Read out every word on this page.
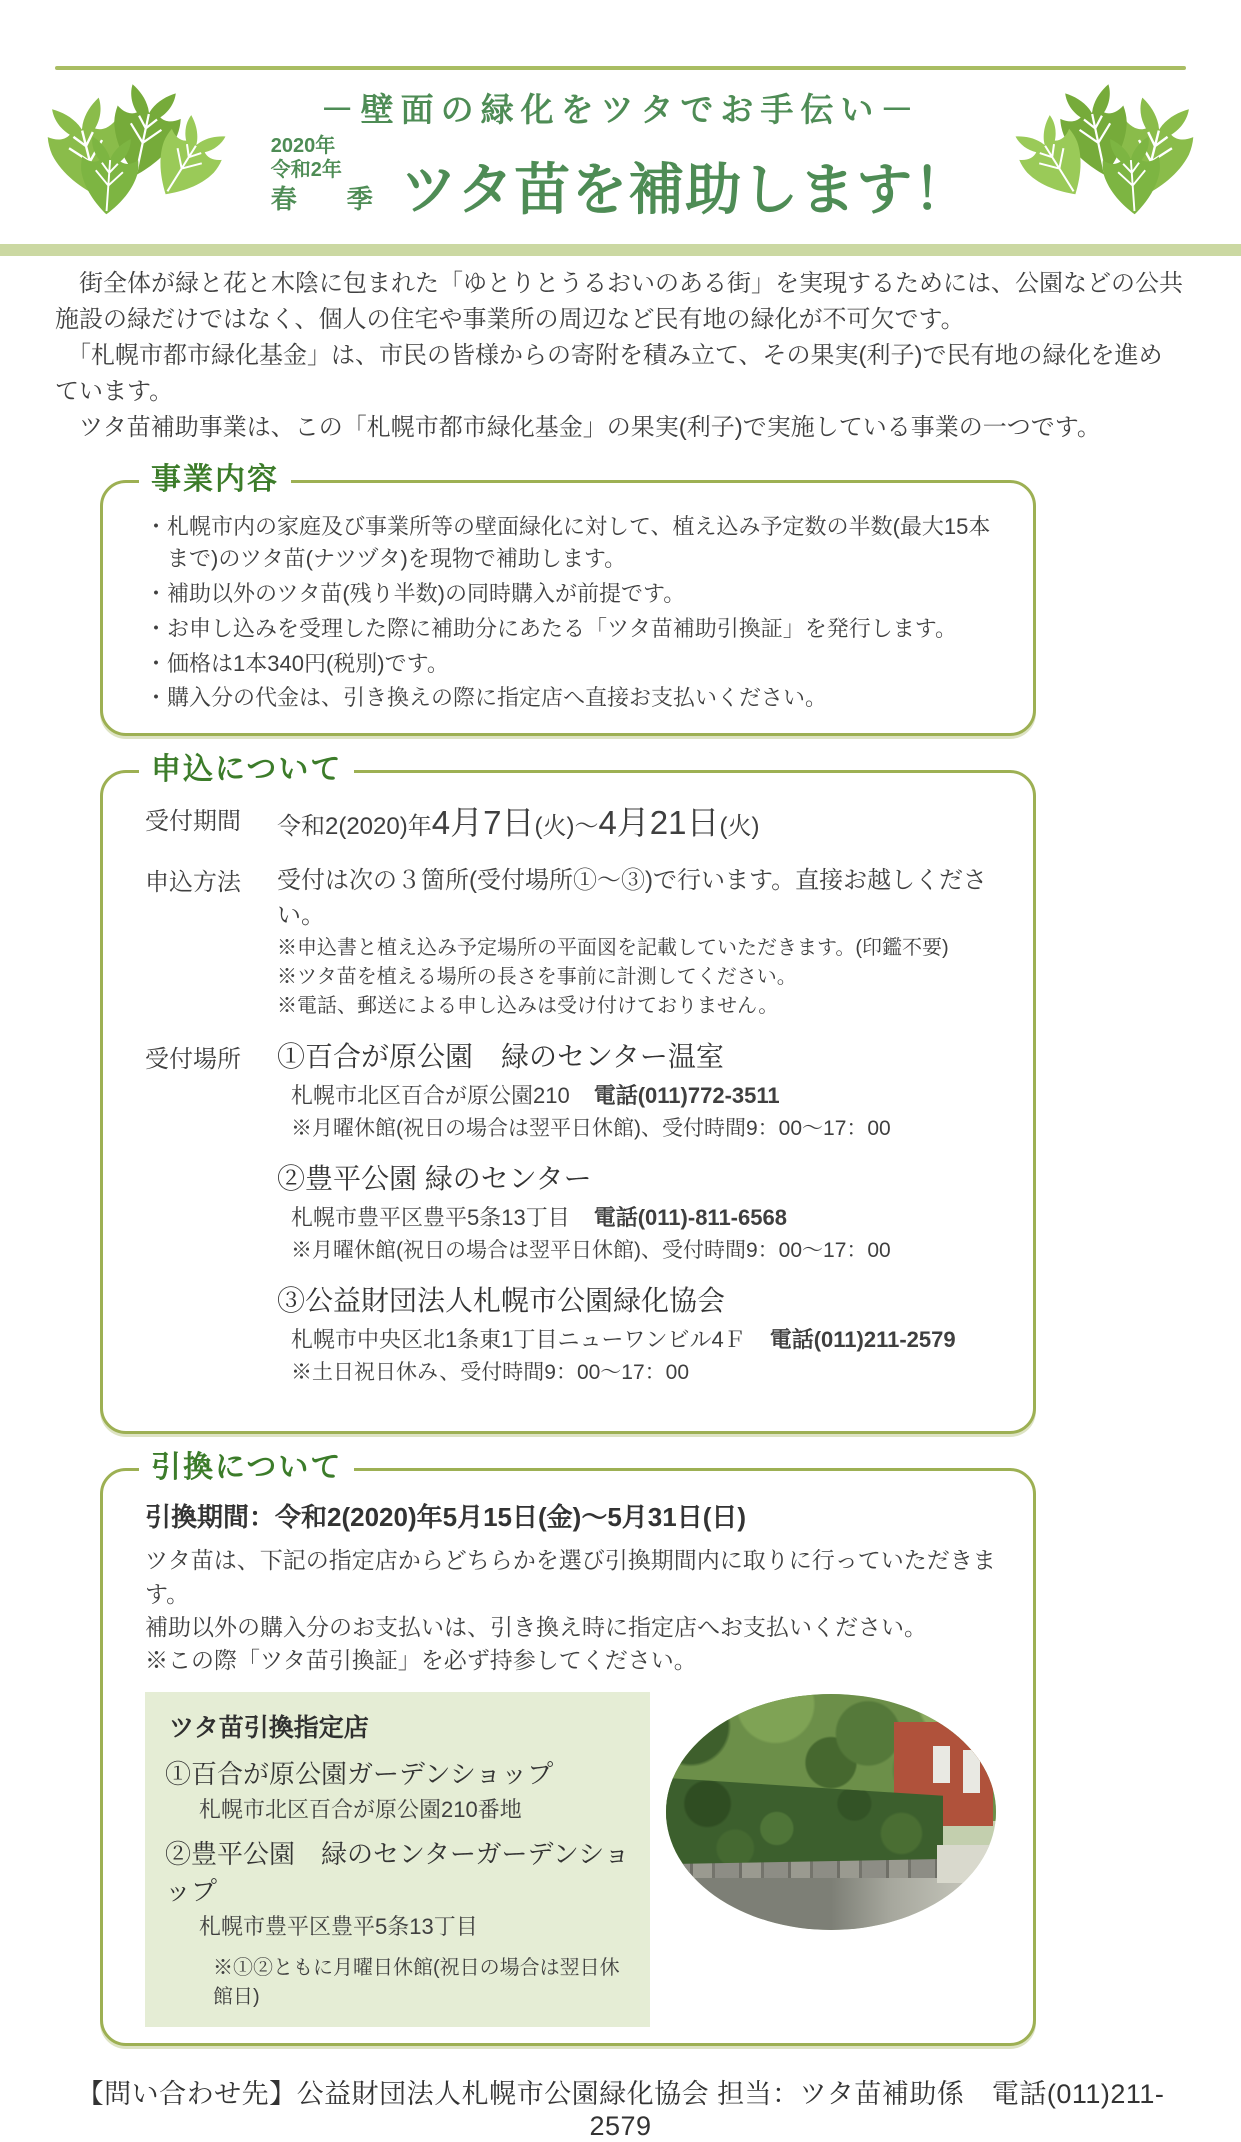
－壁面の緑化をツタでお手伝い－
2020年
令和2年
春　季 ツタ苗を補助します！

　街全体が緑と花と木陰に包まれた「ゆとりとうるおいのある街」を実現するためには、公園などの公共施設の緑だけではなく、個人の住宅や事業所の周辺など民有地の緑化が不可欠です。

　「札幌市都市緑化基金」は、市民の皆様からの寄附を積み立て、その果実(利子)で民有地の緑化を進めています。

　ツタ苗補助事業は、この「札幌市都市緑化基金」の果実(利子)で実施している事業の一つです。

事業内容
・札幌市内の家庭及び事業所等の壁面緑化に対して、植え込み予定数の半数(最大15本まで)のツタ苗(ナツヅタ)を現物で補助します。
・補助以外のツタ苗(残り半数)の同時購入が前提です。
・お申し込みを受理した際に補助分にあたる「ツタ苗補助引換証」を発行します。
・価格は1本340円(税別)です。
・購入分の代金は、引き換えの際に指定店へ直接お支払いください。
申込について
受付期間	令和2(2020)年4月7日(火)～4月21日(火)
申込方法	受付は次の３箇所(受付場所①～③)で行います。直接お越しください。

※申込書と植え込み予定場所の平面図を記載していただきます。(印鑑不要)

※ツタ苗を植える場所の長さを事前に計測してください。

※電話、郵送による申し込みは受け付けておりません。

受付場所	①百合が原公園　緑のセンター温室

札幌市北区百合が原公園210 電話(011)772-3511

※月曜休館(祝日の場合は翌平日休館)、受付時間9：00～17：00

②豊平公園 緑のセンター

札幌市豊平区豊平5条13丁目 電話(011)-811-6568

※月曜休館(祝日の場合は翌平日休館)、受付時間9：00～17：00

③公益財団法人札幌市公園緑化協会

札幌市中央区北1条東1丁目ニューワンビル4Ｆ 電話(011)211-2579

※土日祝日休み、受付時間9：00～17：00

引換について

引換期間：令和2(2020)年5月15日(金)～5月31日(日)

ツタ苗は、下記の指定店からどちらかを選び引換期間内に取りに行っていただきます。

補助以外の購入分のお支払いは、引き換え時に指定店へお支払いください。

※この際「ツタ苗引換証」を必ず持参してください。

ツタ苗引換指定店

①百合が原公園ガーデンショップ

札幌市北区百合が原公園210番地

②豊平公園　緑のセンターガーデンショップ

札幌市豊平区豊平5条13丁目

※①②ともに月曜日休館(祝日の場合は翌日休館日)

【問い合わせ先】公益財団法人札幌市公園緑化協会 担当：ツタ苗補助係　電話(011)211-2579
